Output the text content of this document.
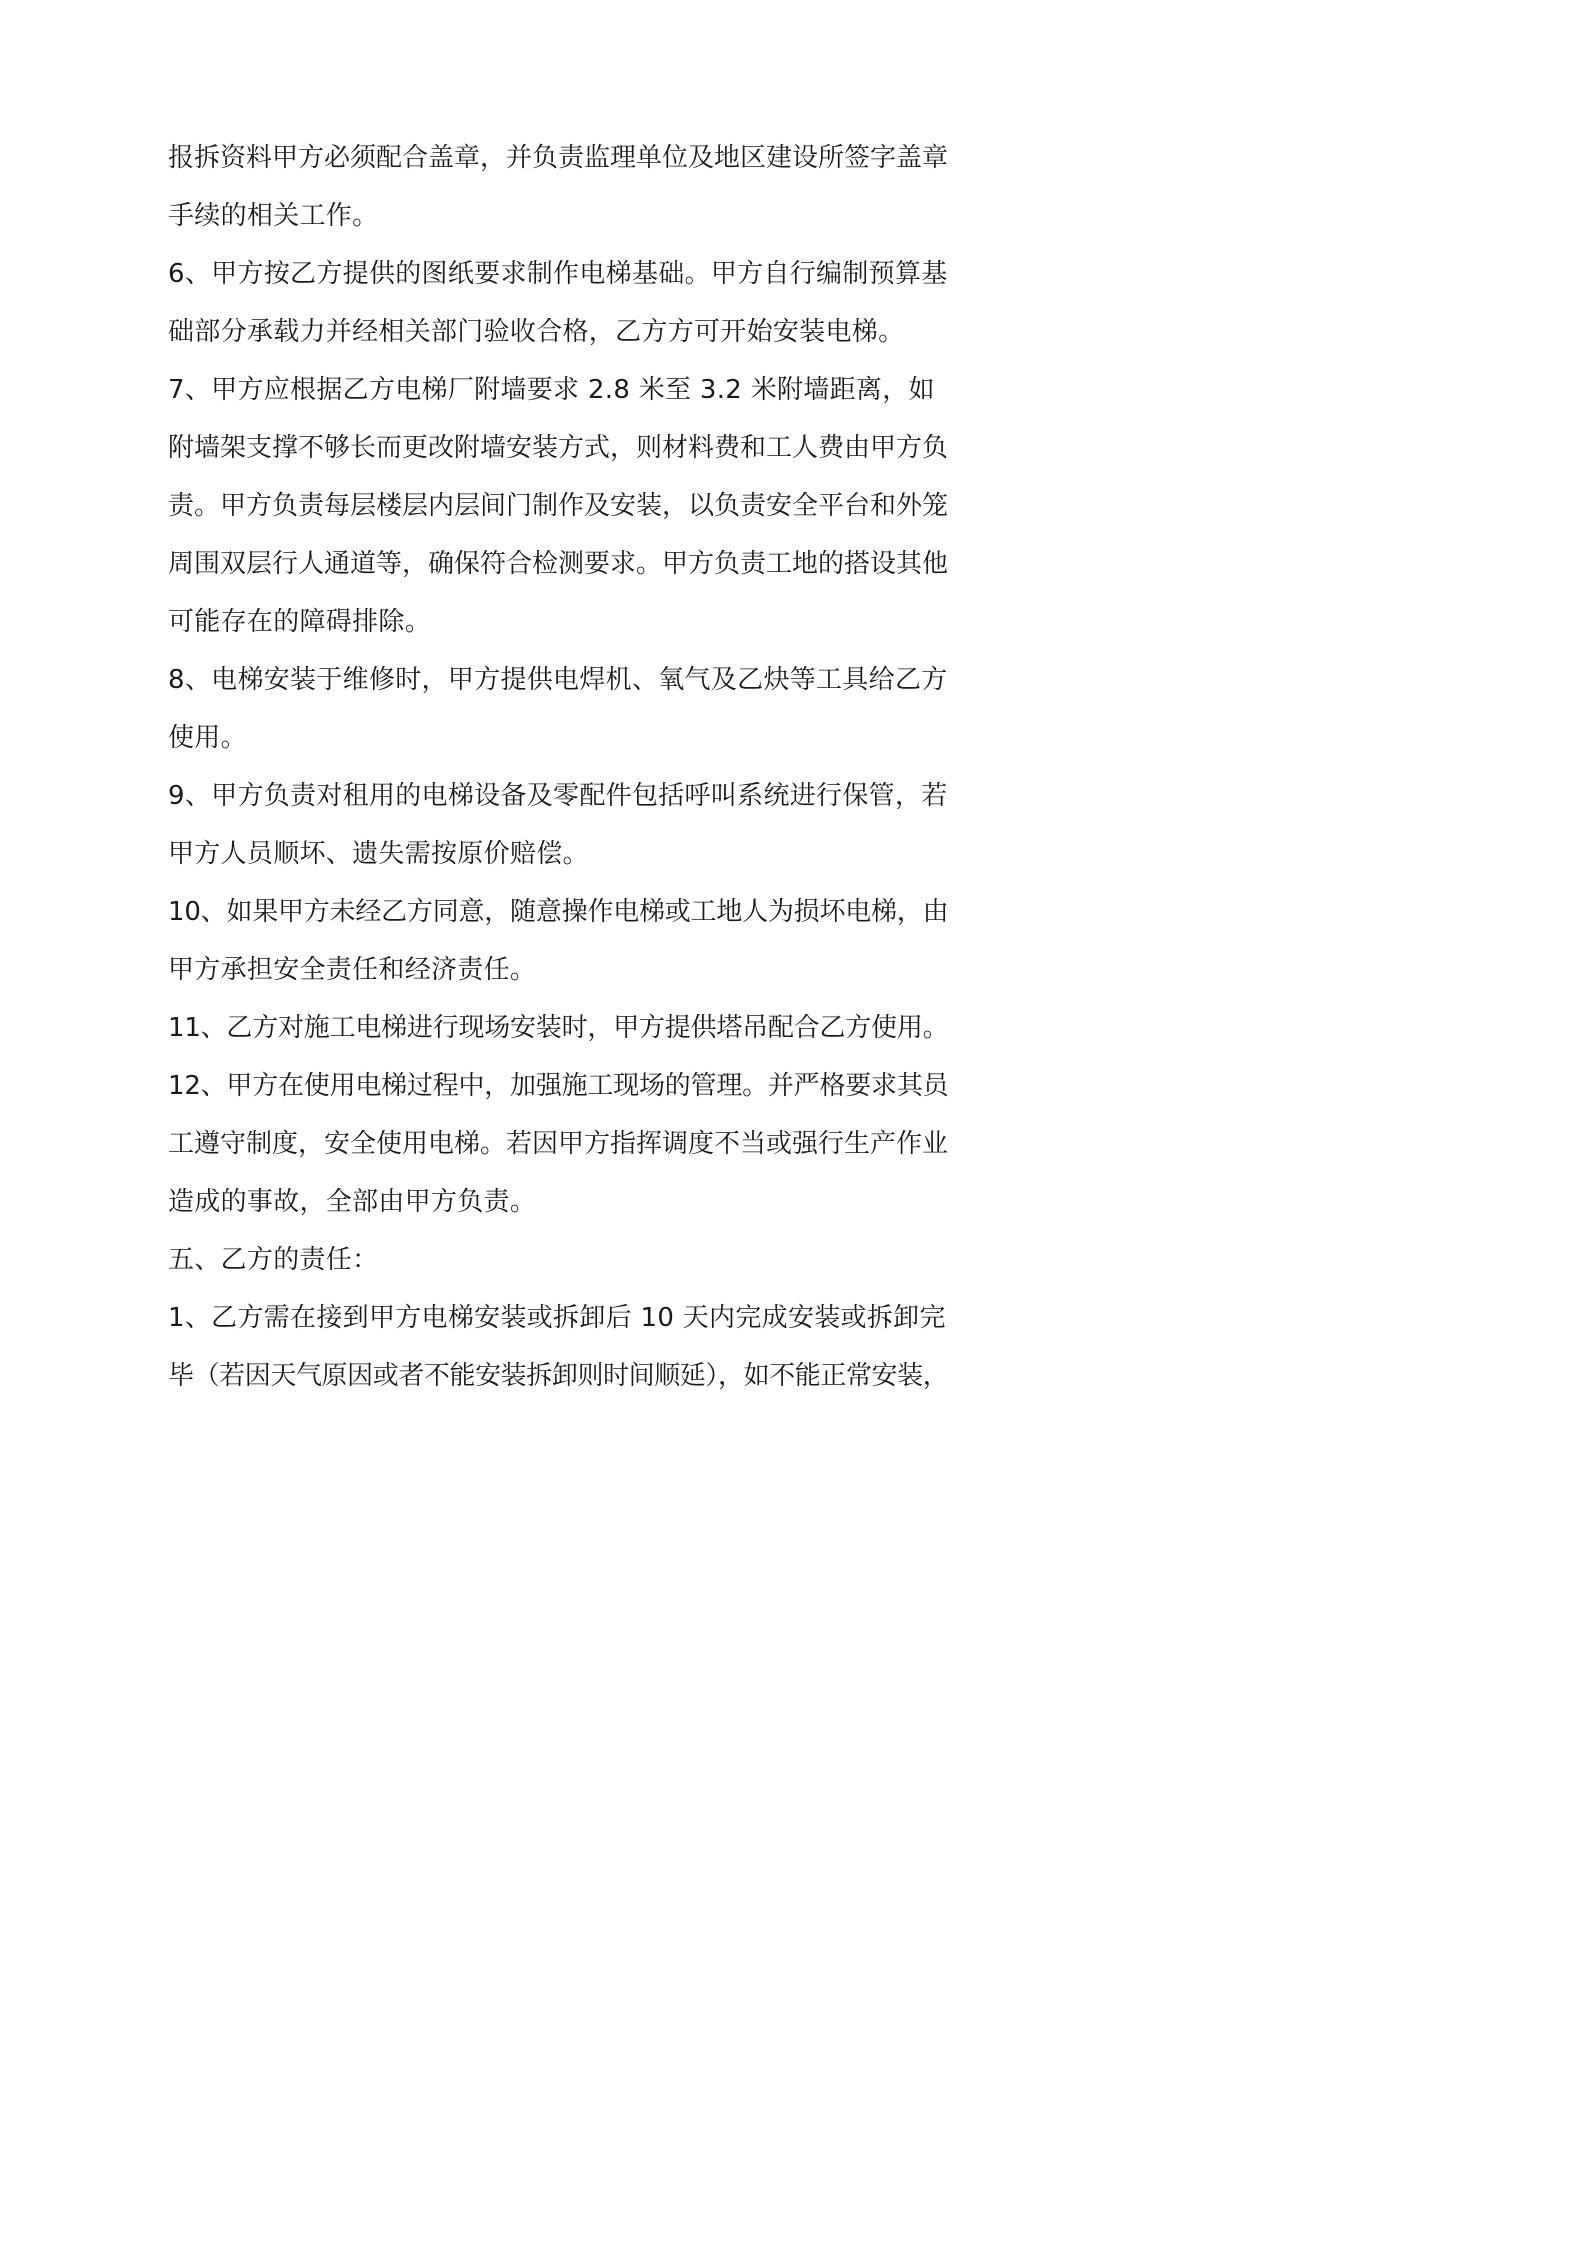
报拆资料甲方必须配合盖章，并负责监理单位及地区建设所签字盖章
手续的相关工作。
6、甲方按乙方提供的图纸要求制作电梯基础。甲方自行编制预算基
础部分承载力并经相关部门验收合格，乙方方可开始安装电梯。
7、甲方应根据乙方电梯厂附墙要求 2.8 米至 3.2 米附墙距离，如
附墙架支撑不够长而更改附墙安装方式，则材料费和工人费由甲方负
责。甲方负责每层楼层内层间门制作及安装，以负责安全平台和外笼
周围双层行人通道等，确保符合检测要求。甲方负责工地的搭设其他
可能存在的障碍排除。
8、电梯安装于维修时，甲方提供电焊机、氧气及乙炔等工具给乙方
使用。
9、甲方负责对租用的电梯设备及零配件包括呼叫系统进行保管，若
甲方人员顺坏、遗失需按原价赔偿。
10、如果甲方未经乙方同意，随意操作电梯或工地人为损坏电梯，由
甲方承担安全责任和经济责任。
11、乙方对施工电梯进行现场安装时，甲方提供塔吊配合乙方使用。
12、甲方在使用电梯过程中，加强施工现场的管理。并严格要求其员
工遵守制度，安全使用电梯。若因甲方指挥调度不当或强行生产作业
造成的事故，全部由甲方负责。
五、乙方的责任：
1、乙方需在接到甲方电梯安装或拆卸后 10 天内完成安装或拆卸完
毕（若因天气原因或者不能安装拆卸则时间顺延），如不能正常安装，
